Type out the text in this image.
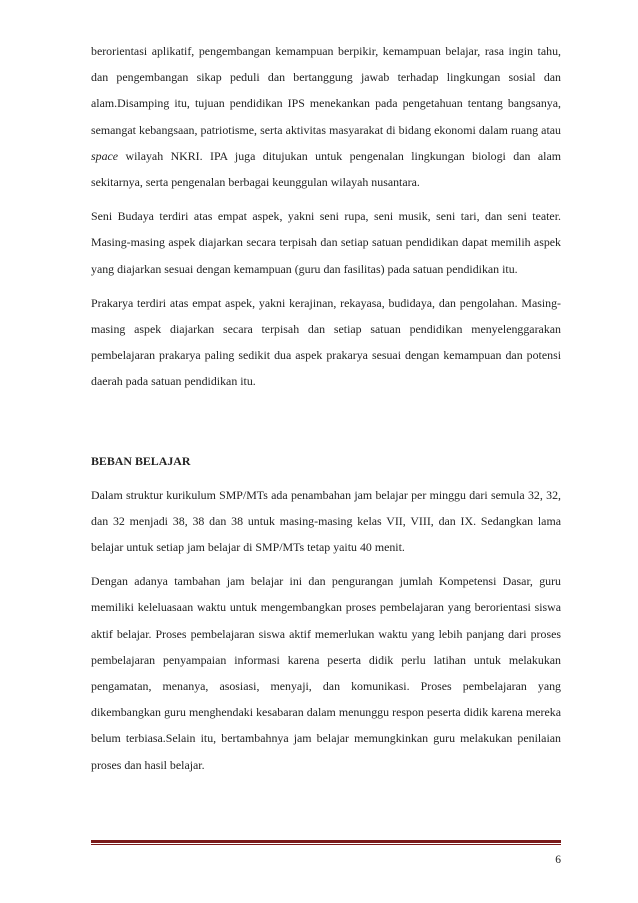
berorientasi aplikatif, pengembangan kemampuan berpikir, kemampuan belajar, rasa ingin tahu, dan pengembangan sikap peduli dan bertanggung jawab terhadap lingkungan sosial dan alam.Disamping itu, tujuan pendidikan IPS menekankan pada pengetahuan tentang bangsanya, semangat kebangsaan, patriotisme, serta aktivitas masyarakat di bidang ekonomi dalam ruang atau space wilayah NKRI. IPA juga ditujukan untuk pengenalan lingkungan biologi dan alam sekitarnya, serta pengenalan berbagai keunggulan wilayah nusantara.

Seni Budaya terdiri atas empat aspek, yakni seni rupa, seni musik, seni tari, dan seni teater. Masing-masing aspek diajarkan secara terpisah dan setiap satuan pendidikan dapat memilih aspek yang diajarkan sesuai dengan kemampuan (guru dan fasilitas) pada satuan pendidikan itu.

Prakarya terdiri atas empat aspek, yakni kerajinan, rekayasa, budidaya, dan pengolahan. Masing-masing aspek diajarkan secara terpisah dan setiap satuan pendidikan menyelenggarakan pembelajaran prakarya paling sedikit dua aspek prakarya sesuai dengan kemampuan dan potensi daerah pada satuan pendidikan itu.

BEBAN BELAJAR

Dalam struktur kurikulum SMP/MTs ada penambahan jam belajar per minggu dari semula 32, 32, dan 32 menjadi 38, 38 dan 38 untuk masing-masing kelas VII, VIII, dan IX. Sedangkan lama belajar untuk setiap jam belajar di SMP/MTs tetap yaitu 40 menit.

Dengan adanya tambahan jam belajar ini dan pengurangan jumlah Kompetensi Dasar, guru memiliki keleluasaan waktu untuk mengembangkan proses pembelajaran yang berorientasi siswa aktif belajar. Proses pembelajaran siswa aktif memerlukan waktu yang lebih panjang dari proses pembelajaran penyampaian informasi karena peserta didik perlu latihan untuk melakukan pengamatan, menanya, asosiasi, menyaji, dan komunikasi. Proses pembelajaran yang dikembangkan guru menghendaki kesabaran dalam menunggu respon peserta didik karena mereka belum terbiasa.Selain itu, bertambahnya jam belajar memungkinkan guru melakukan penilaian proses dan hasil belajar.

6
